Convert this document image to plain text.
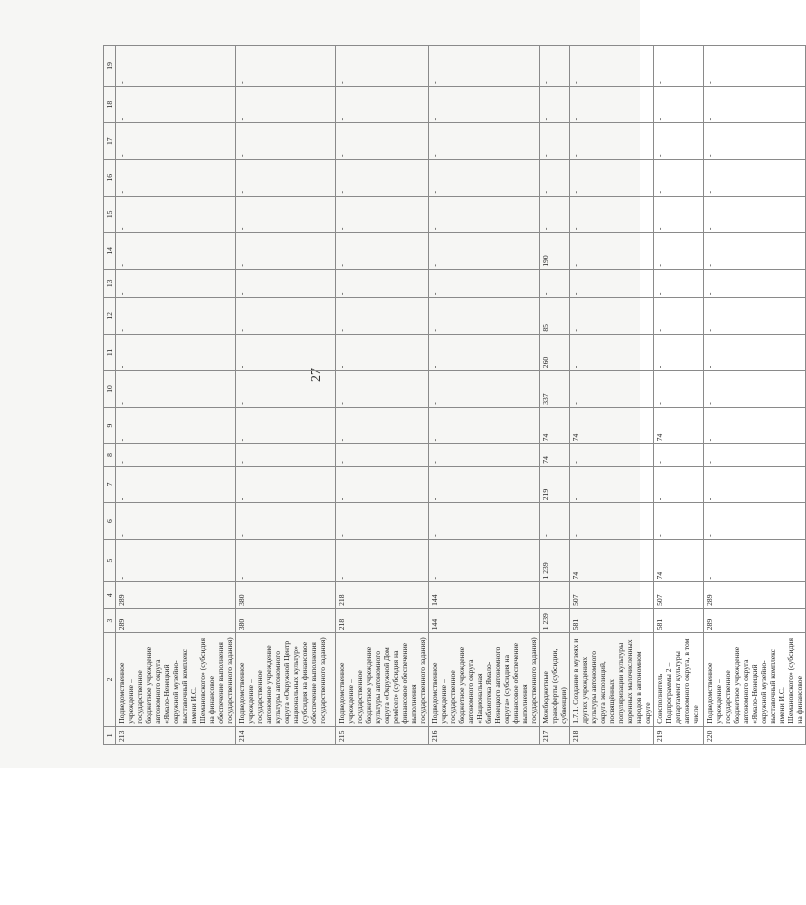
27
1	2	3	4	5	6	7	8	9	10	11	12	13	14	15	16	17	18	19
213	Подведомственное учреждение – государственное бюджетное учреждение автономного округа «Ямало-Ненецкий окружной музейно-выставочный комплекс имени И.С. Шемановского» (субсидия на финансовое обеспечение выполнения государственного задания)	289	289	-	-	-	-	-	-	-	-	-	-	-	-	-	-	-
214	Подведомственное учреждение – государственное автономное учреждение культуры автономного округа «Окружной Центр национальных культур» (субсидия на финансовое обеспечение выполнения государственного задания)	380	380	-	-	-	-	-	-	-	-	-	-	-	-	-	-	-
215	Подведомственное учреждение – государственное бюджетное учреждение культуры автономного округа «Окружной Дом ремёсел» (субсидия на финансовое обеспечение выполнения государственного задания)	218	218	-	-	-	-	-	-	-	-	-	-	-	-	-	-	-
216	Подведомственное учреждение – государственное бюджетное учреждение автономного округа «Национальная библиотека Ямало-Ненецкого автономного округа» (субсидия на финансовое обеспечение выполнения государственного задания)	144	144	-	-	-	-	-	-	-	-	-	-	-	-	-	-	-
217	Межбюджетные трансферты (субсидии, субвенции)	1 239		1 239	-	219	74	74	337	260	85	-	190	-	-	-	-	-
218	1.7.1. Создание в музеях и других учреждениях культуры автономного округа экспозиций, посвящённых популяризации культуры коренных малочисленных народов в автономном округе	581	507	74	-	-	-	74	-	-	-	-	-	-	-	-	-	-
219	Соисполнитель Подпрограммы 2 – департамент культуры автономного округа, в том числе	581	507	74	-	-	-	74	-	-	-	-	-	-	-	-	-	-
220	Подведомственное учреждение – государственное бюджетное учреждение автономного округа «Ямало-Ненецкий окружной музейно-выставочный комплекс имени И.С. Шемановского» (субсидия на финансовое	289	289	-	-	-	-	-	-	-	-	-	-	-	-	-	-	-
